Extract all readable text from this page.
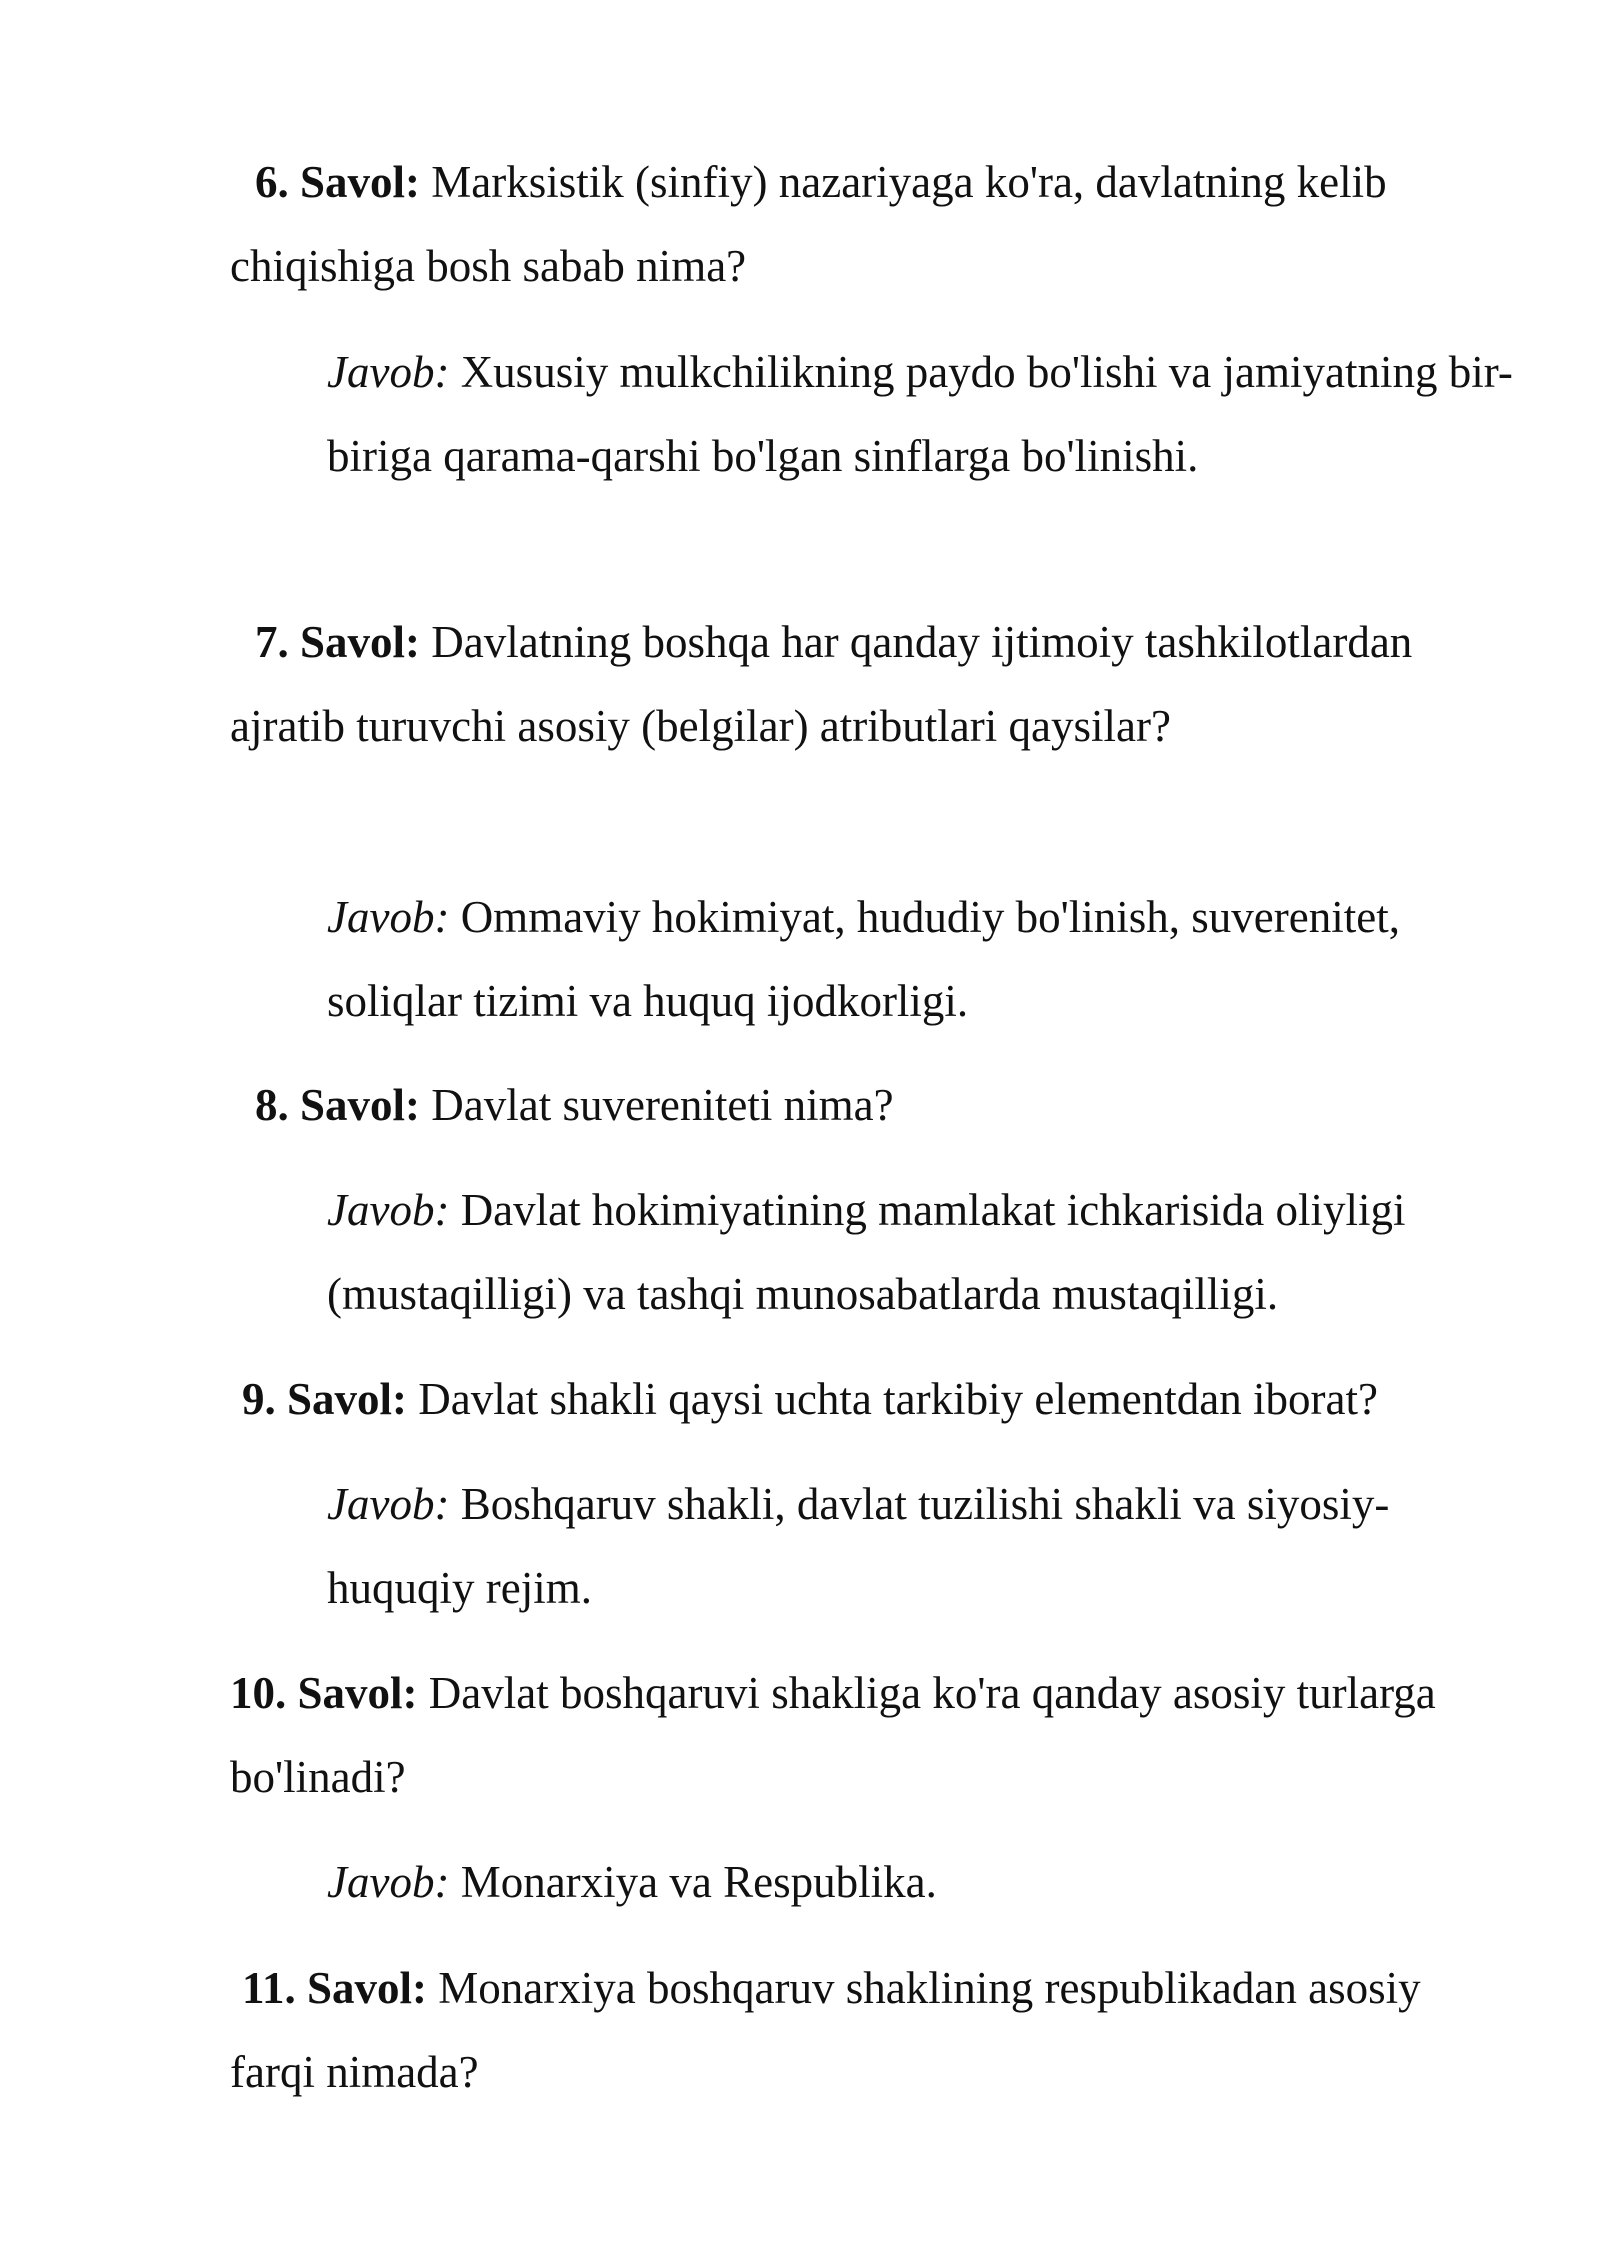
6. Savol: Marksistik (sinfiy) nazariyaga ko'ra, davlatning kelib chiqishiga bosh sabab nima?
Javob: Xususiy mulkchilikning paydo bo'lishi va jamiyatning bir-biriga qarama-qarshi bo'lgan sinflarga bo'linishi.
7. Savol: Davlatning boshqa har qanday ijtimoiy tashkilotlardan ajratib turuvchi asosiy (belgilar) atributlari qaysilar?
Javob: Ommaviy hokimiyat, hududiy bo'linish, suverenitet, soliqlar tizimi va huquq ijodkorligi.
8. Savol: Davlat suvereniteti nima?
Javob: Davlat hokimiyatining mamlakat ichkarisida oliyligi (mustaqilligi) va tashqi munosabatlarda mustaqilligi.
9. Savol: Davlat shakli qaysi uchta tarkibiy elementdan iborat?
Javob: Boshqaruv shakli, davlat tuzilishi shakli va siyosiy-huquqiy rejim.
10. Savol: Davlat boshqaruvi shakliga ko'ra qanday asosiy turlarga bo'linadi?
Javob: Monarxiya va Respublika.
11. Savol: Monarxiya boshqaruv shaklining respublikadan asosiy farqi nimada?
